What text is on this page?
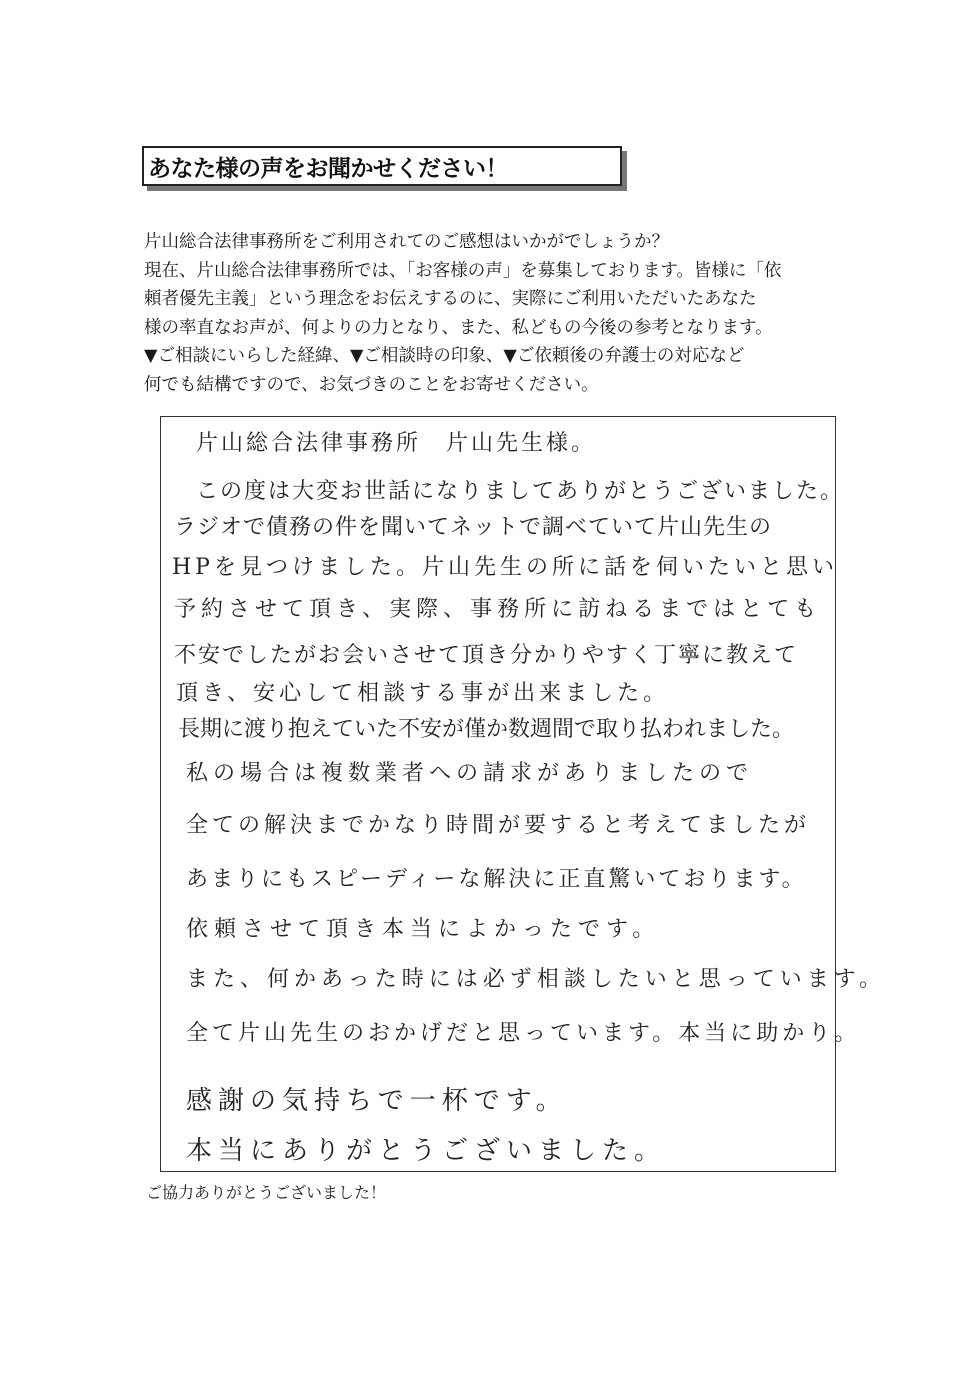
あなた様の声をお聞かせください！
片山総合法律事務所をご利用されてのご感想はいかがでしょうか？
現在、片山総合法律事務所では、「お客様の声」を募集しております。皆様に「依
頼者優先主義」という理念をお伝えするのに、実際にご利用いただいたあなた
様の率直なお声が、何よりの力となり、また、私どもの今後の参考となります。
▼ご相談にいらした経緯、▼ご相談時の印象、▼ご依頼後の弁護士の対応など
何でも結構ですので、お気づきのことをお寄せください。
片山総合法律事務所　片山先生様。
この度は大変お世話になりましてありがとうございました。
ラジオで債務の件を聞いてネットで調べていて片山先生の
HPを見つけました。片山先生の所に話を伺いたいと思い
予約させて頂き、実際、事務所に訪ねるまではとても
不安でしたがお会いさせて頂き分かりやすく丁寧に教えて
頂き、安心して相談する事が出来ました。
長期に渡り抱えていた不安が僅か数週間で取り払われました。
私の場合は複数業者への請求がありましたので
全ての解決までかなり時間が要すると考えてましたが
あまりにもスピーディーな解決に正直驚いております。
依頼させて頂き本当によかったです。
また、何かあった時には必ず相談したいと思っています。
全て片山先生のおかげだと思っています。本当に助かり。
感謝の気持ちで一杯です。
本当にありがとうございました。
ご協力ありがとうございました！
